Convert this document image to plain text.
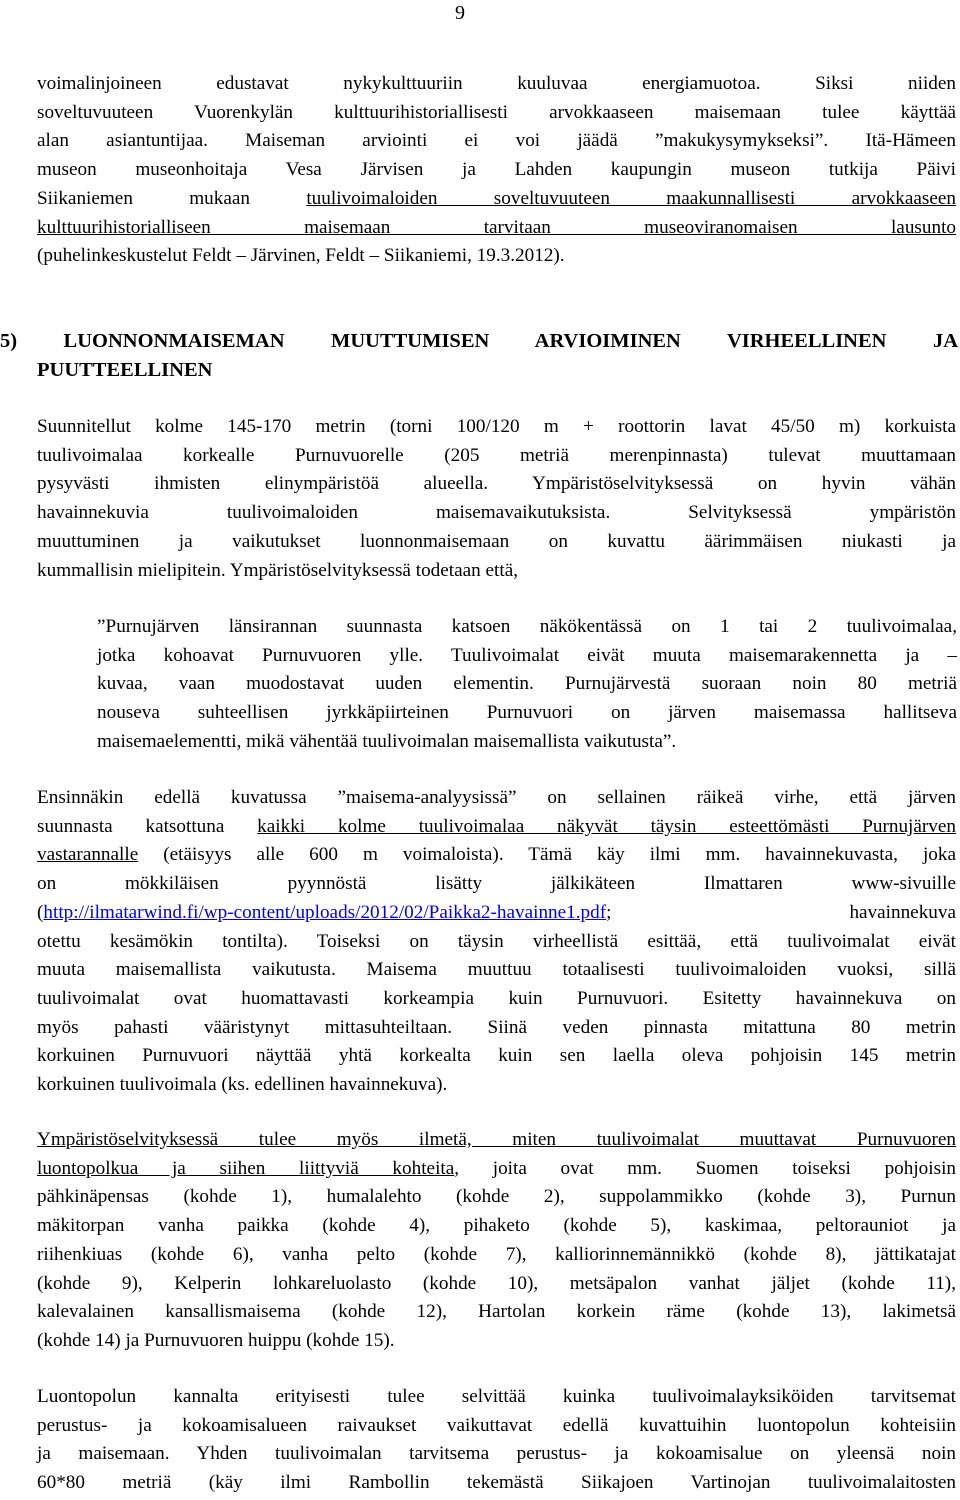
9
voimalinjoineen edustavat nykykulttuuriin kuuluvaa energiamuotoa. Siksi niiden
soveltuvuuteen Vuorenkylän kulttuurihistoriallisesti arvokkaaseen maisemaan tulee käyttää
alan asiantuntijaa. Maiseman arviointi ei voi jäädä ”makukysymykseksi”. Itä-Hämeen
museon museonhoitaja Vesa Järvisen ja Lahden kaupungin museon tutkija Päivi
Siikaniemen mukaan tuulivoimaloiden soveltuvuuteen maakunnallisesti arvokkaaseen
kulttuurihistorialliseen maisemaan tarvitaan museoviranomaisen lausunto
(puhelinkeskustelut Feldt – Järvinen, Feldt – Siikaniemi, 19.3.2012).
5) LUONNONMAISEMAN MUUTTUMISEN ARVIOIMINEN VIRHEELLINEN JA
PUUTTEELLINEN
Suunnitellut kolme 145-170 metrin (torni 100/120 m + roottorin lavat 45/50 m) korkuista
tuulivoimalaa korkealle Purnuvuorelle (205 metriä merenpinnasta) tulevat muuttamaan
pysyvästi ihmisten elinympäristöä alueella. Ympäristöselvityksessä on hyvin vähän
havainnekuvia tuulivoimaloiden maisemavaikutuksista. Selvityksessä ympäristön
muuttuminen ja vaikutukset luonnonmaisemaan on kuvattu äärimmäisen niukasti ja
kummallisin mielipitein. Ympäristöselvityksessä todetaan että,
”Purnujärven länsirannan suunnasta katsoen näkökentässä on 1 tai 2 tuulivoimalaa,
jotka kohoavat Purnuvuoren ylle. Tuulivoimalat eivät muuta maisemarakennetta ja –
kuvaa, vaan muodostavat uuden elementin. Purnujärvestä suoraan noin 80 metriä
nouseva suhteellisen jyrkkäpiirteinen Purnuvuori on järven maisemassa hallitseva
maisemaelementti, mikä vähentää tuulivoimalan maisemallista vaikutusta”.
Ensinnäkin edellä kuvatussa ”maisema-analyysissä” on sellainen räikeä virhe, että järven
suunnasta katsottuna kaikki kolme tuulivoimalaa näkyvät täysin esteettömästi Purnujärven
vastarannalle (etäisyys alle 600 m voimaloista). Tämä käy ilmi mm. havainnekuvasta, joka
on mökkiläisen pyynnöstä lisätty jälkikäteen Ilmattaren www-sivuille
(http://ilmatarwind.fi/wp-content/uploads/2012/02/Paikka2-havainne1.pdf; havainnekuva
otettu kesämökin tontilta). Toiseksi on täysin virheellistä esittää, että tuulivoimalat eivät
muuta maisemallista vaikutusta. Maisema muuttuu totaalisesti tuulivoimaloiden vuoksi, sillä
tuulivoimalat ovat huomattavasti korkeampia kuin Purnuvuori. Esitetty havainnekuva on
myös pahasti vääristynyt mittasuhteiltaan. Siinä veden pinnasta mitattuna 80 metrin
korkuinen Purnuvuori näyttää yhtä korkealta kuin sen laella oleva pohjoisin 145 metrin
korkuinen tuulivoimala (ks. edellinen havainnekuva).
Ympäristöselvityksessä tulee myös ilmetä, miten tuulivoimalat muuttavat Purnuvuoren
luontopolkua ja siihen liittyviä kohteita, joita ovat mm. Suomen toiseksi pohjoisin
pähkinäpensas (kohde 1), humalalehto (kohde 2), suppolammikko (kohde 3), Purnun
mäkitorpan vanha paikka (kohde 4), pihaketo (kohde 5), kaskimaa, peltorauniot ja
riihenkiuas (kohde 6), vanha pelto (kohde 7), kalliorinnemännikkö (kohde 8), jättikatajat
(kohde 9), Kelperin lohkareluolasto (kohde 10), metsäpalon vanhat jäljet (kohde 11),
kalevalainen kansallismaisema (kohde 12), Hartolan korkein räme (kohde 13), lakimetsä
(kohde 14) ja Purnuvuoren huippu (kohde 15).
Luontopolun kannalta erityisesti tulee selvittää kuinka tuulivoimalayksiköiden tarvitsemat
perustus- ja kokoamisalueen raivaukset vaikuttavat edellä kuvattuihin luontopolun kohteisiin
ja maisemaan. Yhden tuulivoimalan tarvitsema perustus- ja kokoamisalue on yleensä noin
60*80 metriä (käy ilmi Rambollin tekemästä Siikajoen Vartinojan tuulivoimalaitosten
